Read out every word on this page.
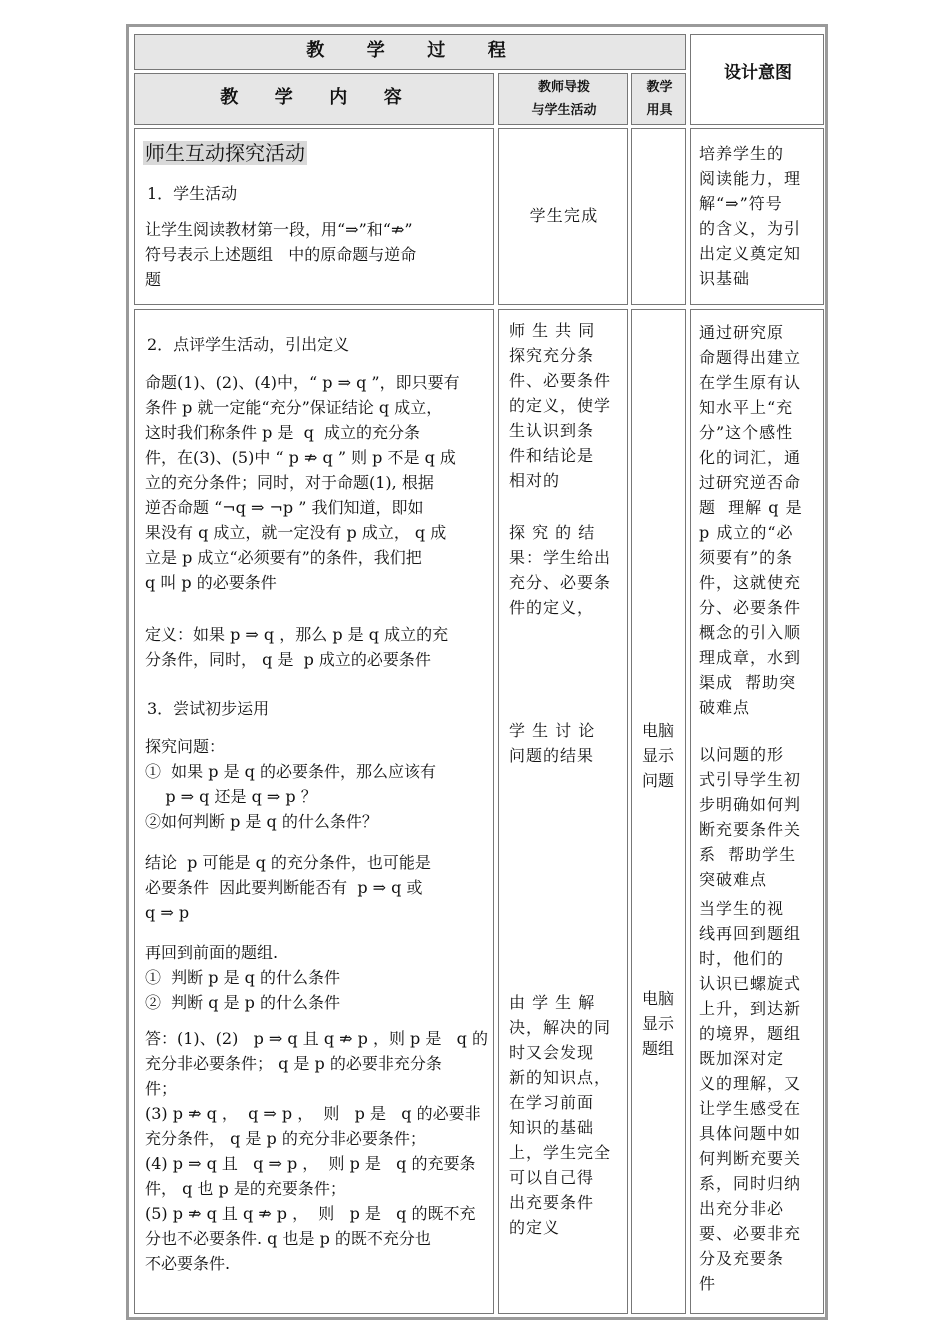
教  学  过  程
教  学  内  容	教师导拨
与学生活动
教学
用具
设计意图
师生互动探究活动
1．学生活动
让学生阅读教材第一段，用“⇒”和“⇏”
符号表示上述题组   中的原命题与逆命
题
学生完成
培养学生的
阅读能力，理
解“⇒”符号
的含义，为引
出定义奠定知
识基础
2．点评学生活动，引出定义
命题(1)、(2)、(4)中，“ p ⇒ q ”，即只要有
条件 p 就一定能“充分”保证结论 q 成立，
这时我们称条件 p 是  q  成立的充分条
件，在(3)、(5)中 “ p ⇏ q ” 则 p 不是 q 成
立的充分条件；同时，对于命题(1), 根据
逆否命题 “¬q ⇒ ¬p ” 我们知道，即如
果没有 q 成立，就一定没有 p 成立， q 成
立是 p 成立“必须要有”的条件，我们把
q 叫 p 的必要条件
定义：如果 p ⇒ q ，那么 p 是 q 成立的充
分条件，同时， q 是  p 成立的必要条件
3．尝试初步运用
探究问题：
①  如果 p 是 q 的必要条件，那么应该有
p ⇒ q 还是 q ⇒ p ？
②如何判断 p 是 q 的什么条件？
结论  p 可能是 q 的充分条件，也可能是
必要条件  因此要判断能否有  p ⇒ q 或
q ⇒ p
再回到前面的题组.
①  判断 p 是 q 的什么条件
②  判断 q 是 p 的什么条件
答：(1)、(2)   p ⇒ q 且 q ⇏ p ，则 p 是   q 的
充分非必要条件； q 是 p 的必要非充分条
件；
(3) p ⇏ q ，  q ⇒ p ，  则   p 是   q 的必要非
充分条件， q 是 p 的充分非必要条件；
(4) p ⇒ q 且   q ⇒ p ，  则 p 是   q 的充要条
件， q 也 p 是的充要条件；
(5) p ⇏ q 且 q ⇏ p ，  则   p 是   q 的既不充
分也不必要条件. q 也是 p 的既不充分也
不必要条件.
师 生 共 同
探究充分条
件、必要条件
的定义，使学
生认识到条
件和结论是
相对的
探 究 的 结
果：学生给出
充分、必要条
件的定义，
学 生 讨 论
问题的结果
由 学 生 解
决，解决的同
时又会发现
新的知识点，
在学习前面
知识的基础
上，学生完全
可以自己得
出充要条件
的定义
电脑
显示
问题
电脑
显示
题组
通过研究原
命题得出建立
在学生原有认
知水平上“充
分”这个感性
化的词汇，通
过研究逆否命
题  理解 q 是
p 成立的“必
须要有”的条
件，这就使充
分、必要条件
概念的引入顺
理成章，水到
渠成  帮助突
破难点
以问题的形
式引导学生初
步明确如何判
断充要条件关
系  帮助学生
突破难点
当学生的视
线再回到题组
时，他们的
认识已螺旋式
上升，到达新
的境界，题组
既加深对定
义的理解，又
让学生感受在
具体问题中如
何判断充要关
系，同时归纳
出充分非必
要、必要非充
分及充要条
件
